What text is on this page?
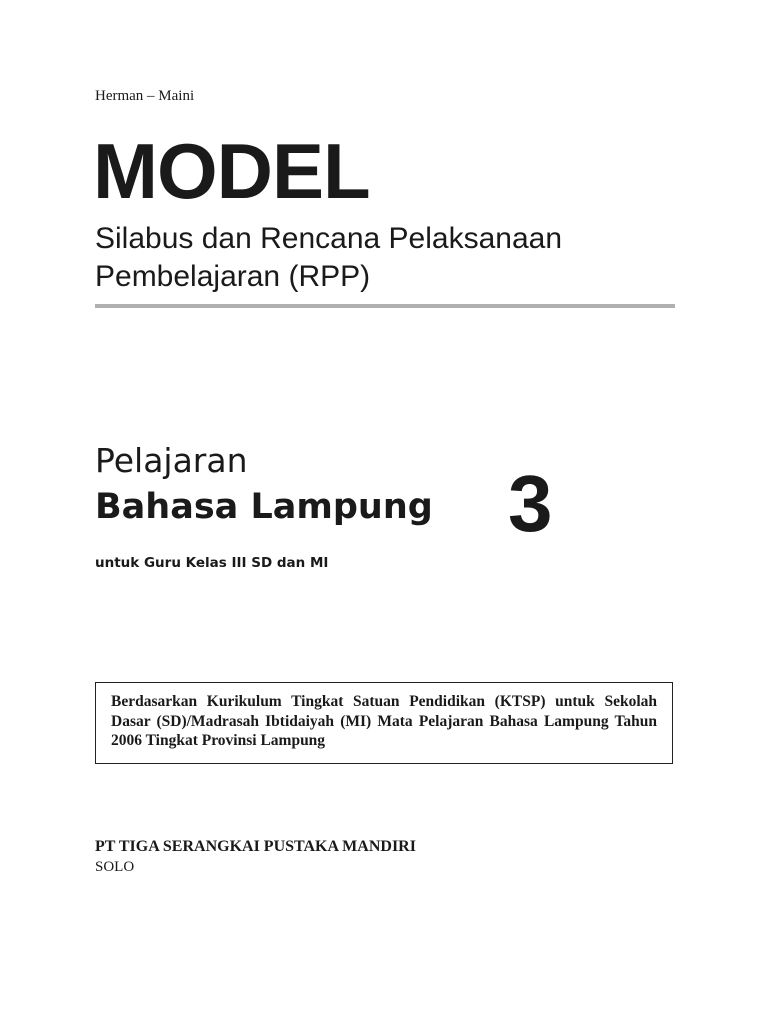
Herman – Maini
MODEL
Silabus dan Rencana Pelaksanaan
Pembelajaran (RPP)
Pelajaran
Bahasa Lampung 3
untuk Guru Kelas III SD dan MI

Berdasarkan Kurikulum Tingkat Satuan Pendidikan (KTSP) untuk Sekolah Dasar (SD)/Madrasah Ibtidaiyah (MI) Mata Pelajaran Bahasa Lampung Tahun 2006 Tingkat Provinsi Lampung

PT TIGA SERANGKAI PUSTAKA MANDIRI
SOLO
